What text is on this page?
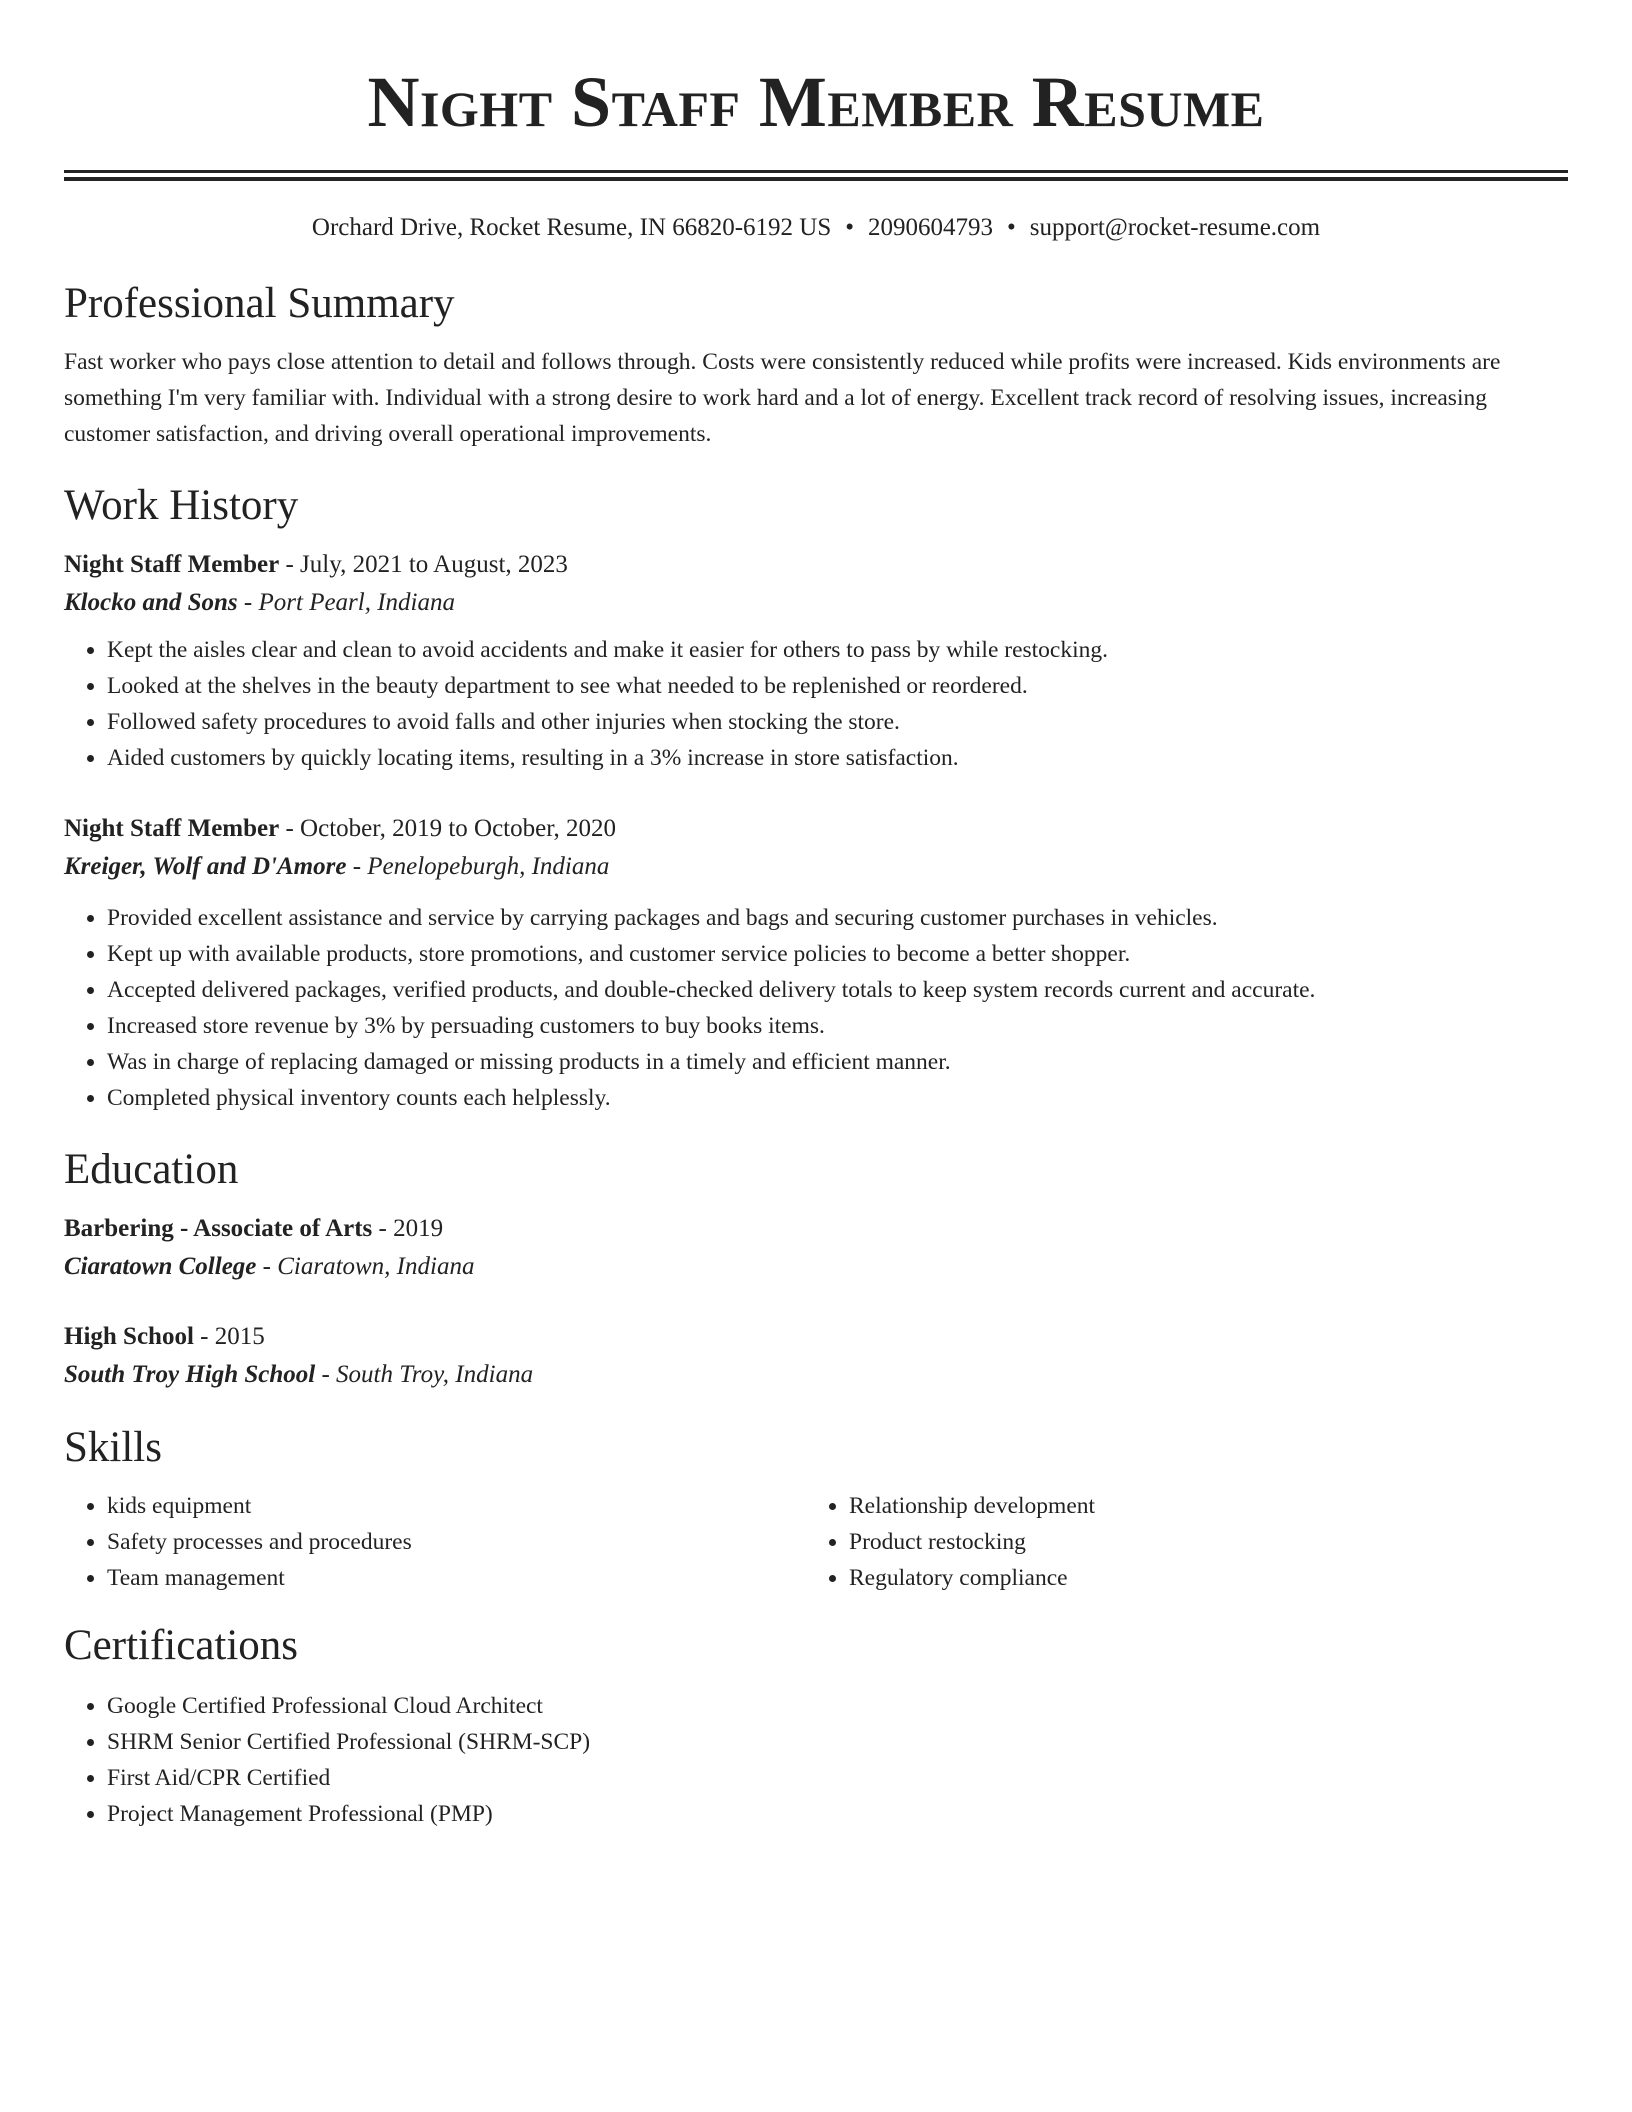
Night Staff Member Resume
Orchard Drive, Rocket Resume, IN 66820-6192 US • 2090604793 • support@rocket-resume.com
Professional Summary

Fast worker who pays close attention to detail and follows through. Costs were consistently reduced while profits were increased. Kids environments are something I'm very familiar with. Individual with a strong desire to work hard and a lot of energy. Excellent track record of resolving issues, increasing customer satisfaction, and driving overall operational improvements.

Work History
Night Staff Member - July, 2021 to August, 2023
Klocko and Sons - Port Pearl, Indiana
• Kept the aisles clear and clean to avoid accidents and make it easier for others to pass by while restocking.
• Looked at the shelves in the beauty department to see what needed to be replenished or reordered.
• Followed safety procedures to avoid falls and other injuries when stocking the store.
• Aided customers by quickly locating items, resulting in a 3% increase in store satisfaction.
Night Staff Member - October, 2019 to October, 2020
Kreiger, Wolf and D'Amore - Penelopeburgh, Indiana
• Provided excellent assistance and service by carrying packages and bags and securing customer purchases in vehicles.
• Kept up with available products, store promotions, and customer service policies to become a better shopper.
• Accepted delivered packages, verified products, and double-checked delivery totals to keep system records current and accurate.
• Increased store revenue by 3% by persuading customers to buy books items.
• Was in charge of replacing damaged or missing products in a timely and efficient manner.
• Completed physical inventory counts each helplessly.
Education
Barbering - Associate of Arts - 2019
Ciaratown College - Ciaratown, Indiana
High School - 2015
South Troy High School - South Troy, Indiana
Skills
• kids equipment
• Safety processes and procedures
• Team management
• Relationship development
• Product restocking
• Regulatory compliance
Certifications
• Google Certified Professional Cloud Architect
• SHRM Senior Certified Professional (SHRM-SCP)
• First Aid/CPR Certified
• Project Management Professional (PMP)
